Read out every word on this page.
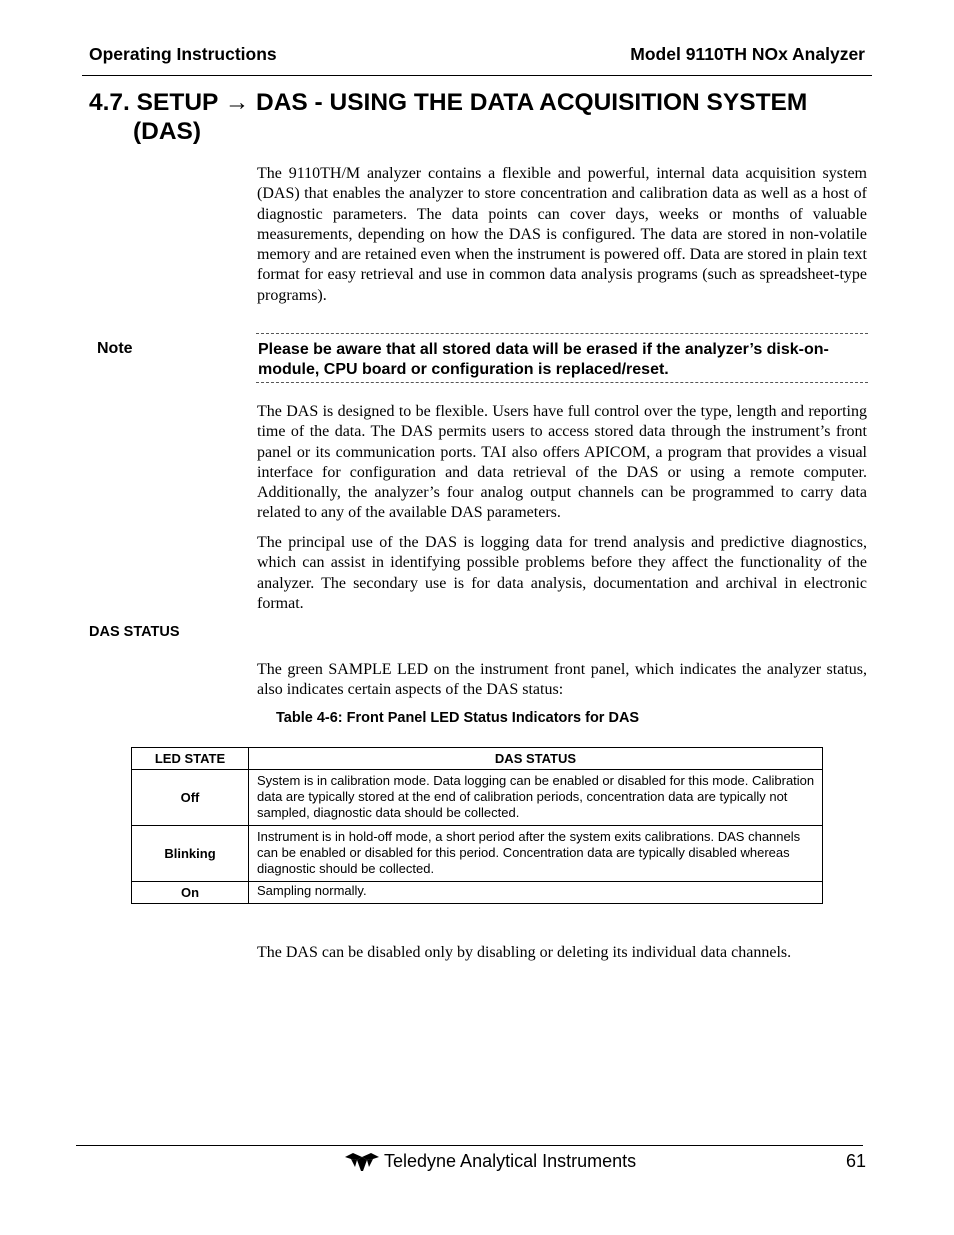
Operating Instructions	Model 9110TH NOx Analyzer
4.7. SETUP → DAS - USING THE DATA ACQUISITION SYSTEM
(DAS)
The 9110TH/M analyzer contains a flexible and powerful, internal data acquisition system (DAS) that enables the analyzer to store concentration and calibration data as well as a host of diagnostic parameters. The data points can cover days, weeks or months of valuable measurements, depending on how the DAS is configured. The data are stored in non-volatile memory and are retained even when the instrument is powered off. Data are stored in plain text format for easy retrieval and use in common data analysis programs (such as spreadsheet-type programs).
Note	Please be aware that all stored data will be erased if the analyzer’s disk-on-module, CPU board or configuration is replaced/reset.
The DAS is designed to be flexible. Users have full control over the type, length and reporting time of the data. The DAS permits users to access stored data through the instrument’s front panel or its communication ports. TAI also offers APICOM, a program that provides a visual interface for configuration and data retrieval of the DAS or using a remote computer. Additionally, the analyzer’s four analog output channels can be programmed to carry data related to any of the available DAS parameters.
The principal use of the DAS is logging data for trend analysis and predictive diagnostics, which can assist in identifying possible problems before they affect the functionality of the analyzer. The secondary use is for data analysis, documentation and archival in electronic format.
DAS STATUS
The green SAMPLE LED on the instrument front panel, which indicates the analyzer status, also indicates certain aspects of the DAS status:
Table 4-6: Front Panel LED Status Indicators for DAS
LED STATE	DAS STATUS
Off	System is in calibration mode. Data logging can be enabled or disabled for this mode. Calibration data are typically stored at the end of calibration periods, concentration data are typically not sampled, diagnostic data should be collected.
Blinking	Instrument is in hold-off mode, a short period after the system exits calibrations. DAS channels can be enabled or disabled for this period. Concentration data are typically disabled whereas diagnostic should be collected.
On	Sampling normally.
The DAS can be disabled only by disabling or deleting its individual data channels.
Teledyne Analytical Instruments	61
